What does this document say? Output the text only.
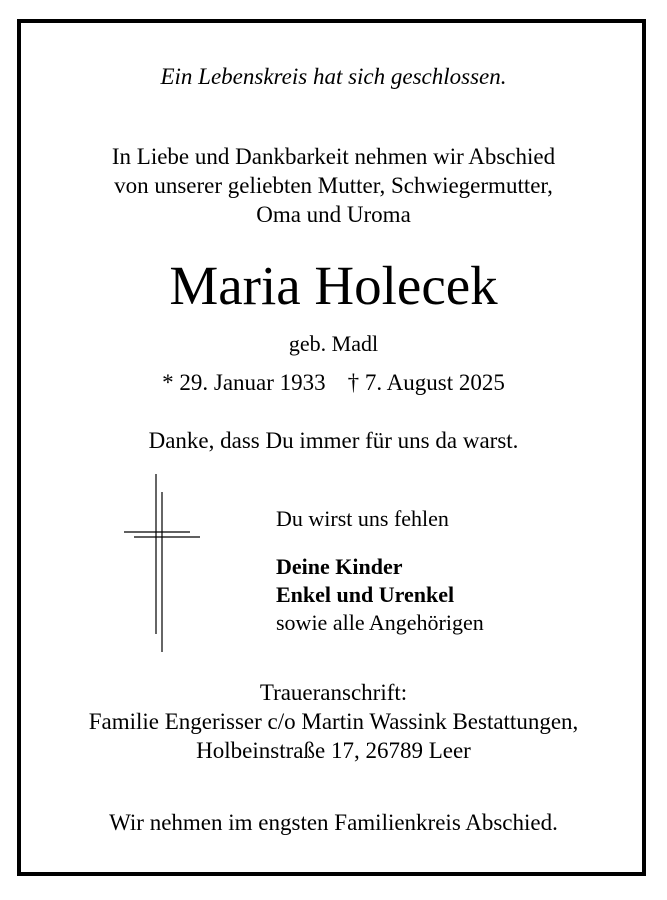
Ein Lebenskreis hat sich geschlossen.
In Liebe und Dankbarkeit nehmen wir Abschied
von unserer geliebten Mutter, Schwiegermutter,
Oma und Uroma
Maria Holecek
geb. Madl
* 29. Januar 1933 † 7. August 2025
Danke, dass Du immer für uns da warst.
Du wirst uns fehlen
Deine Kinder
Enkel und Urenkel
sowie alle Angehörigen
Traueranschrift:
Familie Engerisser c/o Martin Wassink Bestattungen,
Holbeinstraße 17, 26789 Leer
Wir nehmen im engsten Familienkreis Abschied.
